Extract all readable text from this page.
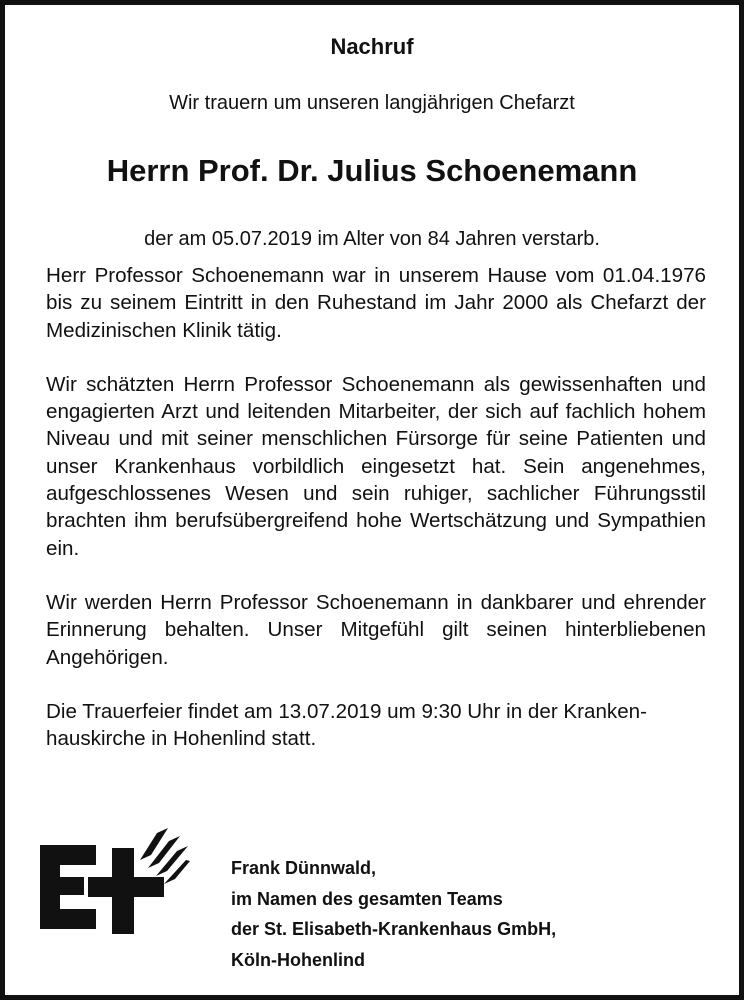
Nachruf
Wir trauern um unseren langjährigen Chefarzt
Herrn Prof. Dr. Julius Schoenemann
der am 05.07.2019 im Alter von 84 Jahren verstarb.

Herr Professor Schoenemann war in unserem Hause vom 01.04.1976 bis zu seinem Eintritt in den Ruhestand im Jahr 2000 als Chefarzt der Medizinischen Klinik tätig.

Wir schätzten Herrn Professor Schoenemann als gewissenhaften und engagierten Arzt und leitenden Mitarbeiter, der sich auf fachlich hohem Niveau und mit seiner menschlichen Fürsorge für seine Patienten und unser Krankenhaus vorbildlich eingesetzt hat. Sein angenehmes, aufgeschlossenes Wesen und sein ruhiger, sachlicher Führungsstil brachten ihm berufsübergreifend hohe Wertschätzung und Sympathien ein.

Wir werden Herrn Professor Schoenemann in dankbarer und ehrender Erinnerung behalten. Unser Mitgefühl gilt seinen hinterbliebenen Angehörigen.

Die Trauerfeier findet am 13.07.2019 um 9:30 Uhr in der Krankenhauskirche in Hohenlind statt.

Frank Dünnwald,
im Namen des gesamten Teams
der St. Elisabeth-Krankenhaus GmbH,
Köln-Hohenlind
